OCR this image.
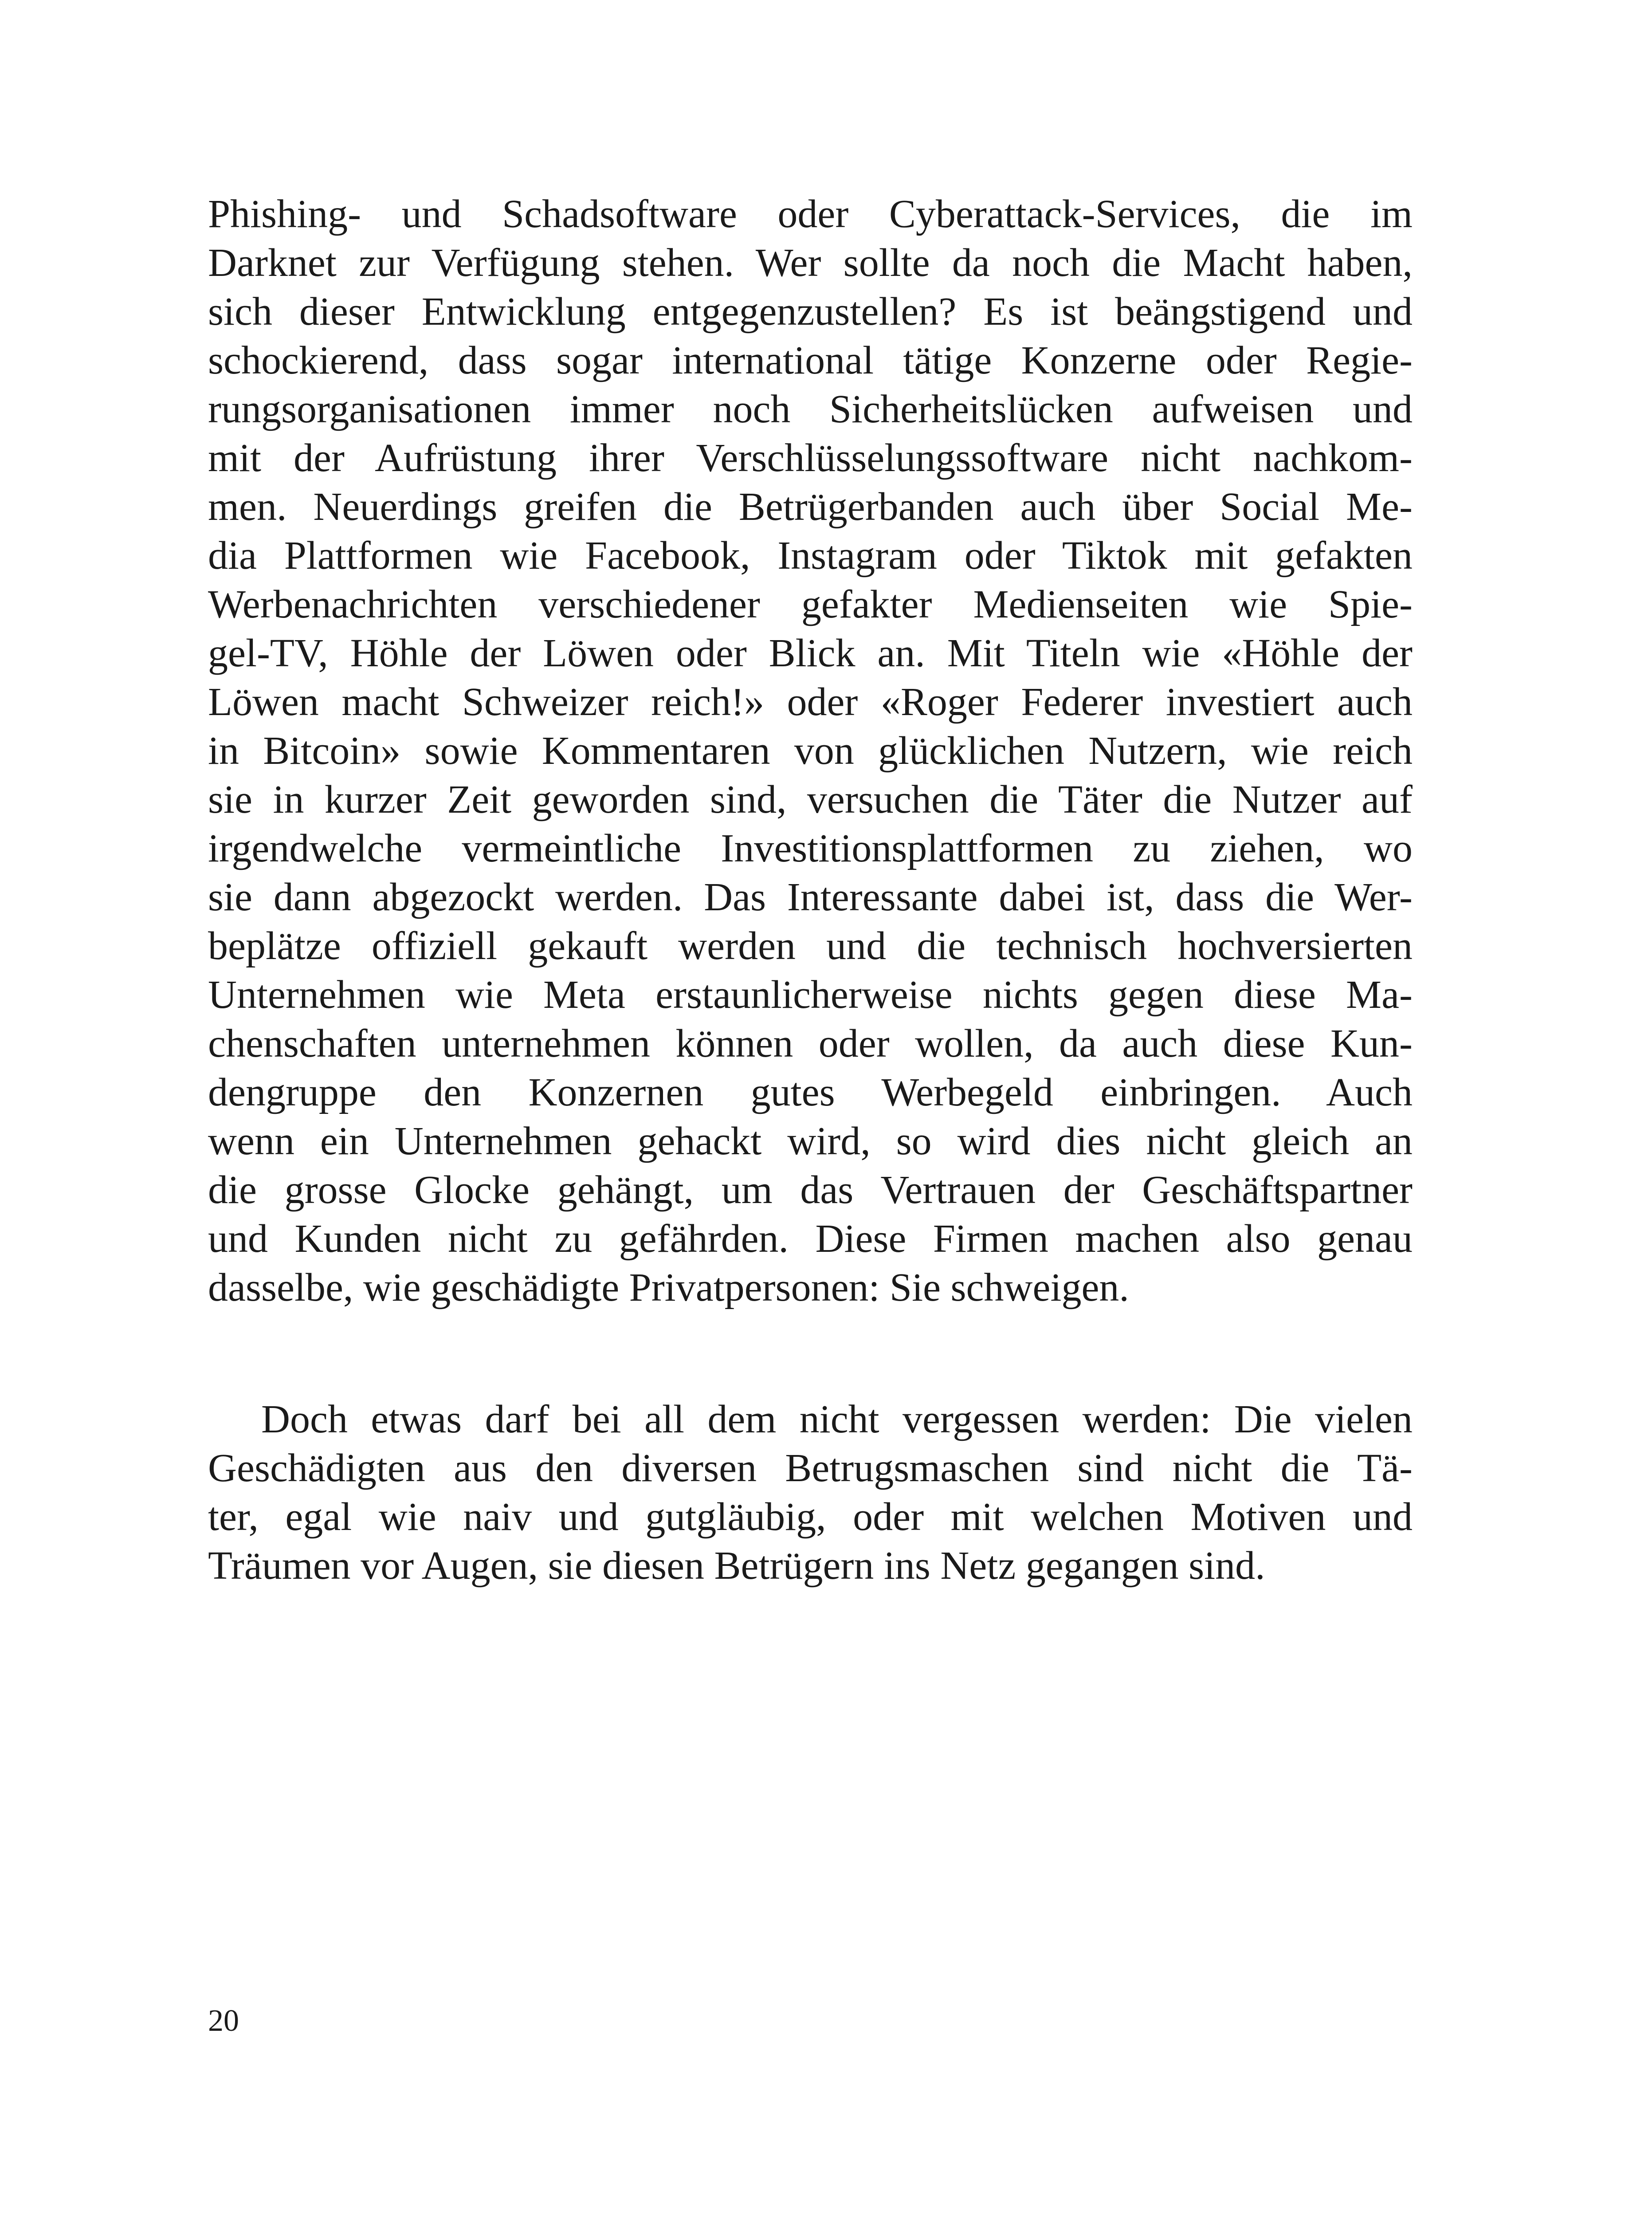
Phishing- und Schadsoftware oder Cyberattack-Services, die im
Darknet zur Verfügung stehen. Wer sollte da noch die Macht haben,
sich dieser Entwicklung entgegenzustellen? Es ist beängstigend und
schockierend, dass sogar international tätige Konzerne oder Regie-
rungsorganisationen immer noch Sicherheitslücken aufweisen und
mit der Aufrüstung ihrer Verschlüsselungssoftware nicht nachkom-
men. Neuerdings greifen die Betrügerbanden auch über Social Me-
dia Plattformen wie Facebook, Instagram oder Tiktok mit gefakten
Werbenachrichten verschiedener gefakter Medienseiten wie Spie-
gel-TV, Höhle der Löwen oder Blick an. Mit Titeln wie «Höhle der
Löwen macht Schweizer reich!» oder «Roger Federer investiert auch
in Bitcoin» sowie Kommentaren von glücklichen Nutzern, wie reich
sie in kurzer Zeit geworden sind, versuchen die Täter die Nutzer auf
irgendwelche vermeintliche Investitionsplattformen zu ziehen, wo
sie dann abgezockt werden. Das Interessante dabei ist, dass die Wer-
beplätze offiziell gekauft werden und die technisch hochversierten
Unternehmen wie Meta erstaunlicherweise nichts gegen diese Ma-
chenschaften unternehmen können oder wollen, da auch diese Kun-
dengruppe den Konzernen gutes Werbegeld einbringen. Auch
wenn ein Unternehmen gehackt wird, so wird dies nicht gleich an
die grosse Glocke gehängt, um das Vertrauen der Geschäftspartner
und Kunden nicht zu gefährden. Diese Firmen machen also genau
dasselbe, wie geschädigte Privatpersonen: Sie schweigen.
Doch etwas darf bei all dem nicht vergessen werden: Die vielen
Geschädigten aus den diversen Betrugsmaschen sind nicht die Tä-
ter, egal wie naiv und gutgläubig, oder mit welchen Motiven und
Träumen vor Augen, sie diesen Betrügern ins Netz gegangen sind.
20
